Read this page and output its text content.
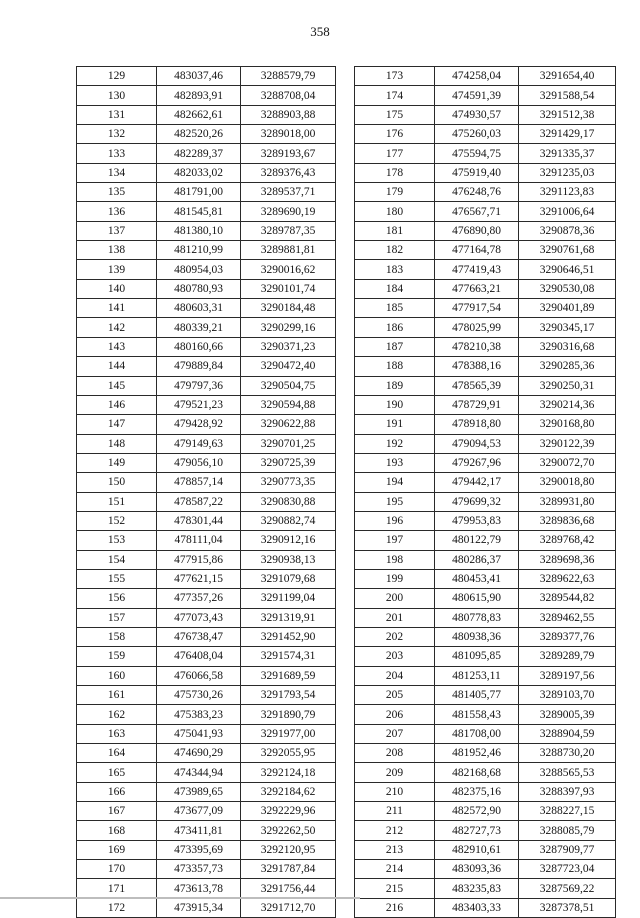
358
129	483037,46	3288579,79
130	482893,91	3288708,04
131	482662,61	3288903,88
132	482520,26	3289018,00
133	482289,37	3289193,67
134	482033,02	3289376,43
135	481791,00	3289537,71
136	481545,81	3289690,19
137	481380,10	3289787,35
138	481210,99	3289881,81
139	480954,03	3290016,62
140	480780,93	3290101,74
141	480603,31	3290184,48
142	480339,21	3290299,16
143	480160,66	3290371,23
144	479889,84	3290472,40
145	479797,36	3290504,75
146	479521,23	3290594,88
147	479428,92	3290622,88
148	479149,63	3290701,25
149	479056,10	3290725,39
150	478857,14	3290773,35
151	478587,22	3290830,88
152	478301,44	3290882,74
153	478111,04	3290912,16
154	477915,86	3290938,13
155	477621,15	3291079,68
156	477357,26	3291199,04
157	477073,43	3291319,91
158	476738,47	3291452,90
159	476408,04	3291574,31
160	476066,58	3291689,59
161	475730,26	3291793,54
162	475383,23	3291890,79
163	475041,93	3291977,00
164	474690,29	3292055,95
165	474344,94	3292124,18
166	473989,65	3292184,62
167	473677,09	3292229,96
168	473411,81	3292262,50
169	473395,69	3292120,95
170	473357,73	3291787,84
171	473613,78	3291756,44
172	473915,34	3291712,70
173	474258,04	3291654,40
174	474591,39	3291588,54
175	474930,57	3291512,38
176	475260,03	3291429,17
177	475594,75	3291335,37
178	475919,40	3291235,03
179	476248,76	3291123,83
180	476567,71	3291006,64
181	476890,80	3290878,36
182	477164,78	3290761,68
183	477419,43	3290646,51
184	477663,21	3290530,08
185	477917,54	3290401,89
186	478025,99	3290345,17
187	478210,38	3290316,68
188	478388,16	3290285,36
189	478565,39	3290250,31
190	478729,91	3290214,36
191	478918,80	3290168,80
192	479094,53	3290122,39
193	479267,96	3290072,70
194	479442,17	3290018,80
195	479699,32	3289931,80
196	479953,83	3289836,68
197	480122,79	3289768,42
198	480286,37	3289698,36
199	480453,41	3289622,63
200	480615,90	3289544,82
201	480778,83	3289462,55
202	480938,36	3289377,76
203	481095,85	3289289,79
204	481253,11	3289197,56
205	481405,77	3289103,70
206	481558,43	3289005,39
207	481708,00	3288904,59
208	481952,46	3288730,20
209	482168,68	3288565,53
210	482375,16	3288397,93
211	482572,90	3288227,15
212	482727,73	3288085,79
213	482910,61	3287909,77
214	483093,36	3287723,04
215	483235,83	3287569,22
216	483403,33	3287378,51
